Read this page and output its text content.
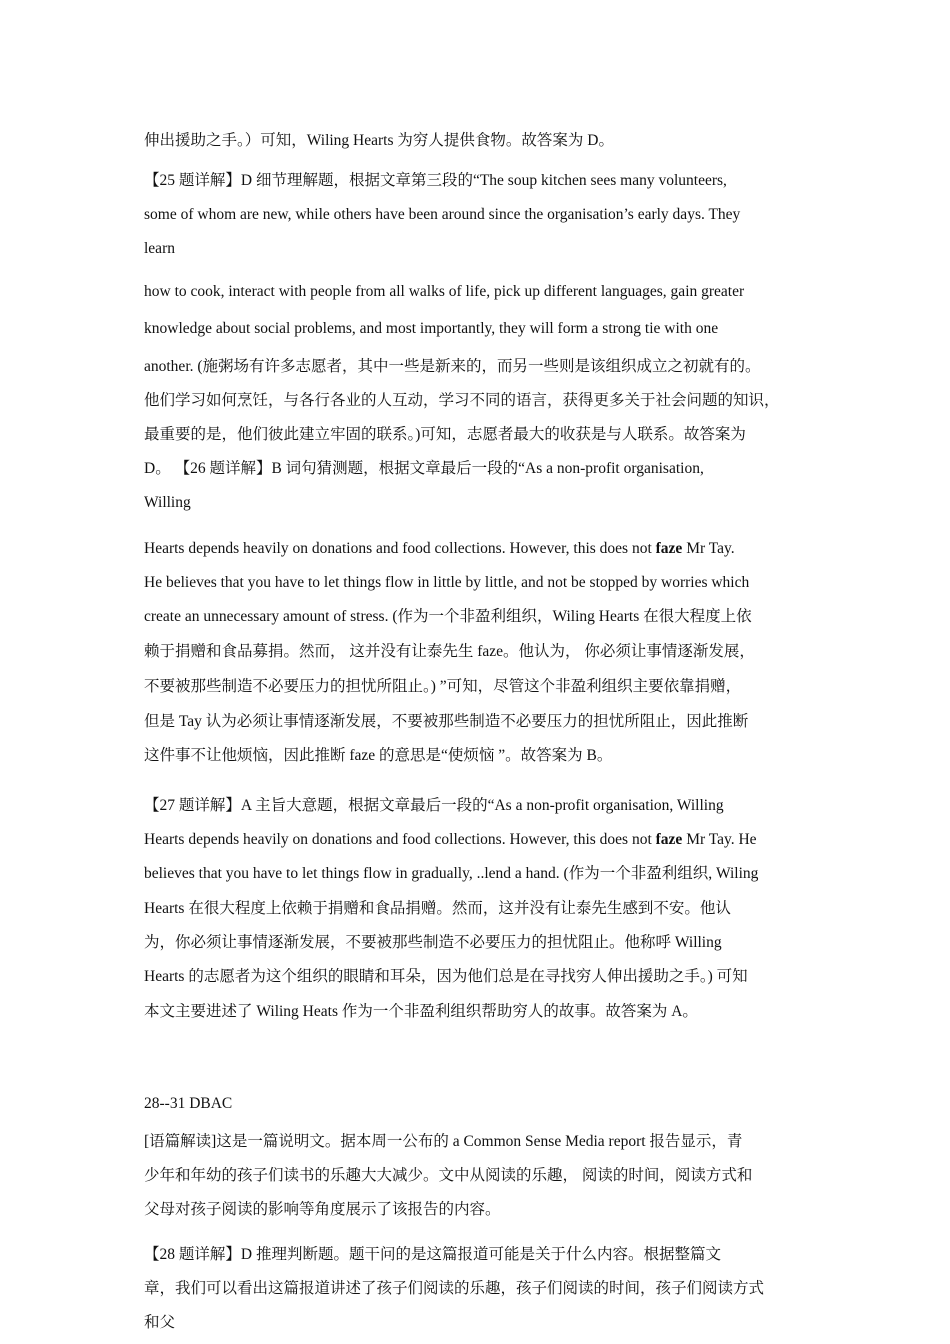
伸出援助之手。）可知，Wiling Hearts 为穷人提供食物。故答案为 D。
【25 题详解】D 细节理解题，根据文章第三段的“The soup kitchen sees many volunteers,
some of whom are new, while others have been around since the organisation’s early days. They
learn
how to cook, interact with people from all walks of life, pick up different languages, gain greater
knowledge about social problems, and most importantly, they will form a strong tie with one
another. (施粥场有许多志愿者，其中一些是新来的，而另一些则是该组织成立之初就有的。
他们学习如何烹饪，与各行各业的人互动，学习不同的语言，获得更多关于社会问题的知识，
最重要的是，他们彼此建立牢固的联系。)可知，志愿者最大的收获是与人联系。故答案为
D。 【26 题详解】B 词句猜测题，根据文章最后一段的“As a non-profit organisation,
Willing
Hearts depends heavily on donations and food collections. However, this does not faze Mr Tay.
He believes that you have to let things flow in little by little, and not be stopped by worries which
create an unnecessary amount of stress. (作为一个非盈利组织，Wiling Hearts 在很大程度上依
赖于捐赠和食品募捐。然而， 这并没有让泰先生 faze。他认为， 你必须让事情逐渐发展，
不要被那些制造不必要压力的担忧所阻止。) ”可知，尽管这个非盈利组织主要依靠捐赠，
但是 Tay 认为必须让事情逐渐发展，不要被那些制造不必要压力的担忧所阻止，因此推断
这件事不让他烦恼，因此推断 faze 的意思是“使烦恼 ”。故答案为 B。
【27 题详解】A 主旨大意题，根据文章最后一段的“As a non-profit organisation, Willing
Hearts depends heavily on donations and food collections. However, this does not faze Mr Tay. He
believes that you have to let things flow in gradually, ..lend a hand. (作为一个非盈利组织, Wiling
Hearts 在很大程度上依赖于捐赠和食品捐赠。然而，这并没有让泰先生感到不安。他认
为，你必须让事情逐渐发展，不要被那些制造不必要压力的担忧阻止。他称呼 Willing
Hearts 的志愿者为这个组织的眼睛和耳朵，因为他们总是在寻找穷人伸出援助之手。) 可知
本文主要进述了 Wiling Heats 作为一个非盈利组织帮助穷人的故事。故答案为 A。
28--31 DBAC
[语篇解读]这是一篇说明文。据本周一公布的 a Common Sense Media report 报告显示，青
少年和年幼的孩子们读书的乐趣大大减少。文中从阅读的乐趣， 阅读的时间，阅读方式和
父母对孩子阅读的影响等角度展示了该报告的内容。
【28 题详解】D 推理判断题。题干问的是这篇报道可能是关于什么内容。根据整篇文
章，我们可以看出这篇报道讲述了孩子们阅读的乐趣，孩子们阅读的时间，孩子们阅读方式
和父
